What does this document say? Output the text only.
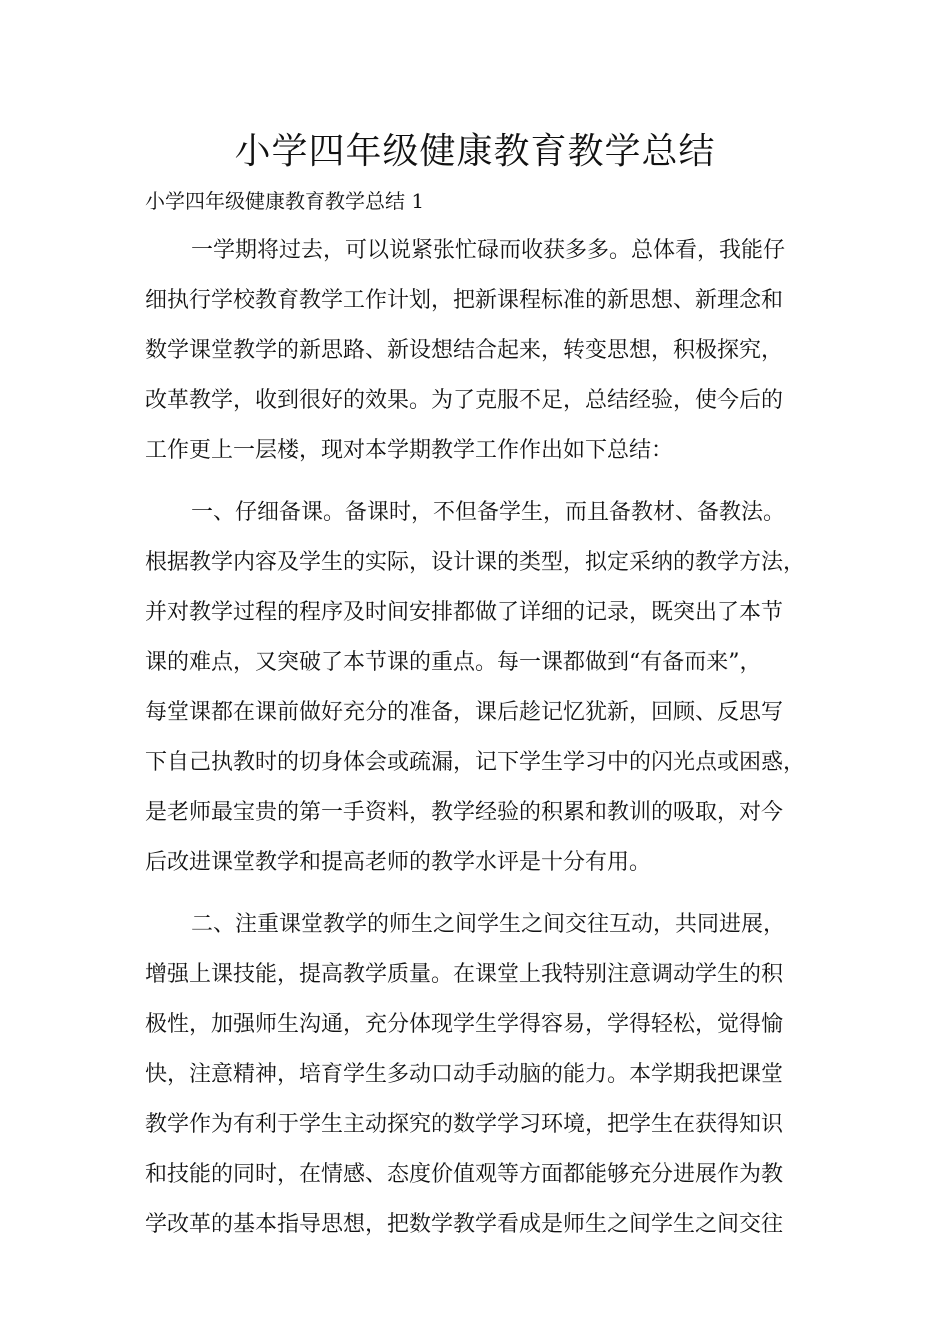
小学四年级健康教育教学总结

小学四年级健康教育教学总结 1

一学期将过去，可以说紧张忙碌而收获多多。总体看，我能仔
细执行学校教育教学工作计划，把新课程标准的新思想、新理念和
数学课堂教学的新思路、新设想结合起来，转变思想，积极探究，
改革教学，收到很好的效果。为了克服不足，总结经验，使今后的
工作更上一层楼，现对本学期教学工作作出如下总结：
一、仔细备课。备课时，不但备学生，而且备教材、备教法。
根据教学内容及学生的实际，设计课的类型，拟定采纳的教学方法，
并对教学过程的程序及时间安排都做了详细的记录，既突出了本节
课的难点，又突破了本节课的重点。每一课都做到“有备而来”，
每堂课都在课前做好充分的准备，课后趁记忆犹新，回顾、反思写
下自己执教时的切身体会或疏漏，记下学生学习中的闪光点或困惑，
是老师最宝贵的第一手资料，教学经验的积累和教训的吸取，对今
后改进课堂教学和提高老师的教学水评是十分有用。
二、注重课堂教学的师生之间学生之间交往互动，共同进展，
增强上课技能，提高教学质量。在课堂上我特别注意调动学生的积
极性，加强师生沟通，充分体现学生学得容易，学得轻松，觉得愉
快，注意精神，培育学生多动口动手动脑的能力。本学期我把课堂
教学作为有利于学生主动探究的数学学习环境，把学生在获得知识
和技能的同时，在情感、态度价值观等方面都能够充分进展作为教
学改革的基本指导思想，把数学教学看成是师生之间学生之间交往
